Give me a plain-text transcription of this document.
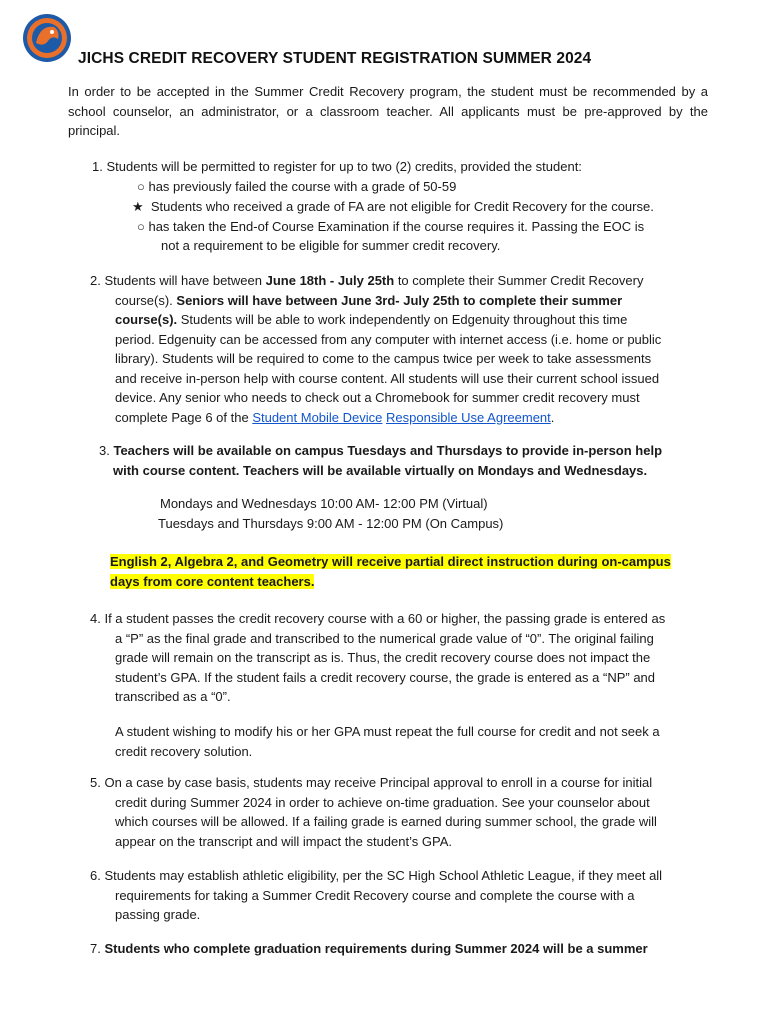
JICHS CREDIT RECOVERY STUDENT REGISTRATION SUMMER 2024
In order to be accepted in the Summer Credit Recovery program, the student must be recommended by a school counselor, an administrator, or a classroom teacher. All applicants must be pre-approved by the principal.
1. Students will be permitted to register for up to two (2) credits, provided the student:
○ has previously failed the course with a grade of 50-59
★ Students who received a grade of FA are not eligible for Credit Recovery for the course.
○ has taken the End-of Course Examination if the course requires it. Passing the EOC is
not a requirement to be eligible for summer credit recovery.
2. Students will have between June 18th - July 25th to complete their Summer Credit Recovery
course(s). Seniors will have between June 3rd- July 25th to complete their summer
course(s). Students will be able to work independently on Edgenuity throughout this time
period. Edgenuity can be accessed from any computer with internet access (i.e. home or public
library). Students will be required to come to the campus twice per week to take assessments
and receive in-person help with course content. All students will use their current school issued
device. Any senior who needs to check out a Chromebook for summer credit recovery must
complete Page 6 of the Student Mobile Device Responsible Use Agreement.
3. Teachers will be available on campus Tuesdays and Thursdays to provide in-person help
with course content. Teachers will be available virtually on Mondays and Wednesdays.
Mondays and Wednesdays 10:00 AM- 12:00 PM (Virtual)
Tuesdays and Thursdays 9:00 AM - 12:00 PM (On Campus)
English 2, Algebra 2, and Geometry will receive partial direct instruction during on-campus
days from core content teachers.
4. If a student passes the credit recovery course with a 60 or higher, the passing grade is entered as
a “P” as the final grade and transcribed to the numerical grade value of “0”. The original failing
grade will remain on the transcript as is. Thus, the credit recovery course does not impact the
student’s GPA. If the student fails a credit recovery course, the grade is entered as a “NP” and
transcribed as a “0”.
A student wishing to modify his or her GPA must repeat the full course for credit and not seek a
credit recovery solution.
5. On a case by case basis, students may receive Principal approval to enroll in a course for initial
credit during Summer 2024 in order to achieve on-time graduation. See your counselor about
which courses will be allowed. If a failing grade is earned during summer school, the grade will
appear on the transcript and will impact the student’s GPA.
6. Students may establish athletic eligibility, per the SC High School Athletic League, if they meet all
requirements for taking a Summer Credit Recovery course and complete the course with a
passing grade.
7. Students who complete graduation requirements during Summer 2024 will be a summer
